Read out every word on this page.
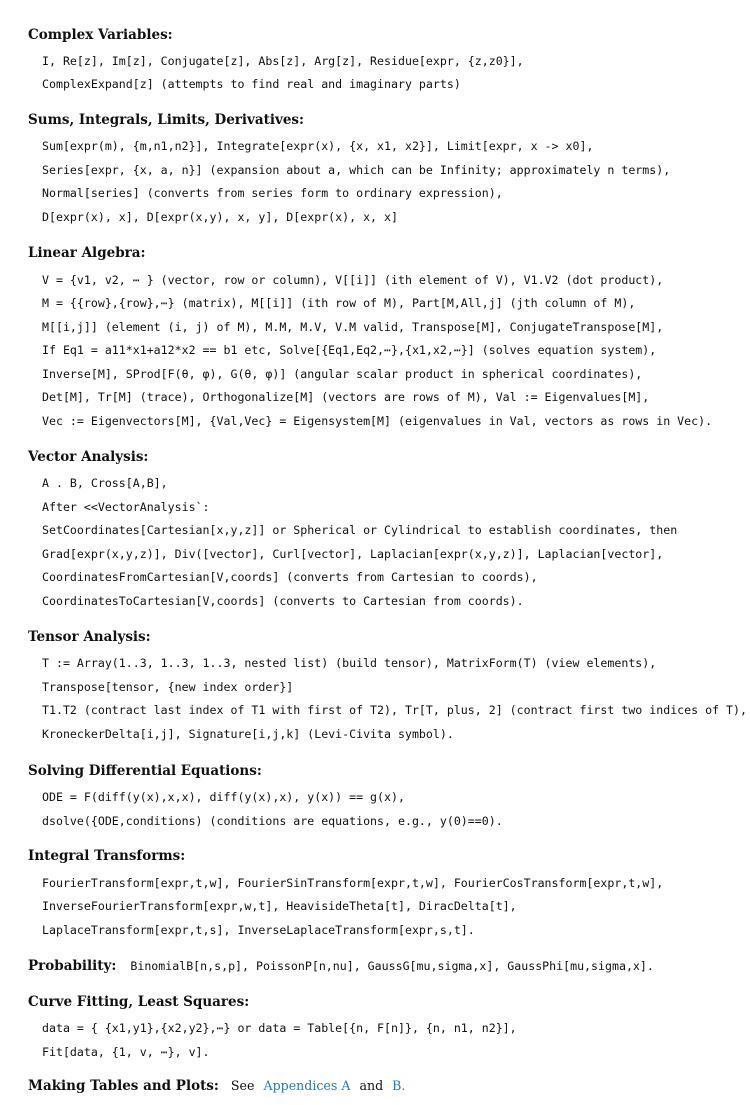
Complex Variables:
I, Re[z], Im[z], Conjugate[z], Abs[z], Arg[z], Residue[expr, {z,z0}],
ComplexExpand[z] (attempts to find real and imaginary parts)
Sums, Integrals, Limits, Derivatives:
Sum[expr(m), {m,n1,n2}], Integrate[expr(x), {x, x1, x2}], Limit[expr, x -> x0],
Series[expr, {x, a, n}] (expansion about a, which can be Infinity; approximately n terms),
Normal[series] (converts from series form to ordinary expression),
D[expr(x), x], D[expr(x,y), x, y], D[expr(x), x, x]
Linear Algebra:
V = {v1, v2, ⋯ } (vector, row or column), V[[i]] (ith element of V), V1.V2 (dot product),
M = {{row},{row},⋯} (matrix), M[[i]] (ith row of M), Part[M,All,j] (jth column of M),
M[[i,j]] (element (i, j) of M), M.M, M.V, V.M valid, Transpose[M], ConjugateTranspose[M],
If Eq1 = a11*x1+a12*x2 == b1 etc, Solve[{Eq1,Eq2,⋯},{x1,x2,⋯}] (solves equation system),
Inverse[M], SProd[F(θ, φ), G(θ, φ)] (angular scalar product in spherical coordinates),
Det[M], Tr[M] (trace), Orthogonalize[M] (vectors are rows of M), Val := Eigenvalues[M],
Vec := Eigenvectors[M], {Val,Vec} = Eigensystem[M] (eigenvalues in Val, vectors as rows in Vec).
Vector Analysis:
A . B, Cross[A,B],
After <<VectorAnalysis`:
SetCoordinates[Cartesian[x,y,z]] or Spherical or Cylindrical to establish coordinates, then
Grad[expr(x,y,z)], Div([vector], Curl[vector], Laplacian[expr(x,y,z)], Laplacian[vector],
CoordinatesFromCartesian[V,coords] (converts from Cartesian to coords),
CoordinatesToCartesian[V,coords] (converts to Cartesian from coords).
Tensor Analysis:
T := Array(1..3, 1..3, 1..3, nested list) (build tensor), MatrixForm(T) (view elements),
Transpose[tensor, {new index order}]
T1.T2 (contract last index of T1 with first of T2), Tr[T, plus, 2] (contract first two indices of T),
KroneckerDelta[i,j], Signature[i,j,k] (Levi-Civita symbol).
Solving Differential Equations:
ODE = F(diff(y(x),x,x), diff(y(x),x), y(x)) == g(x),
dsolve({ODE,conditions) (conditions are equations, e.g., y(0)==0).
Integral Transforms:
FourierTransform[expr,t,w], FourierSinTransform[expr,t,w], FourierCosTransform[expr,t,w],
InverseFourierTransform[expr,w,t], HeavisideTheta[t], DiracDelta[t],
LaplaceTransform[expr,t,s], InverseLaplaceTransform[expr,s,t].
Probability: BinomialB[n,s,p], PoissonP[n,nu], GaussG[mu,sigma,x], GaussPhi[mu,sigma,x].
Curve Fitting, Least Squares:
data = { {x1,y1},{x2,y2},⋯} or data = Table[{n, F[n]}, {n, n1, n2}],
Fit[data, {1, v, ⋯}, v].
Making Tables and Plots: See Appendices A and B.
